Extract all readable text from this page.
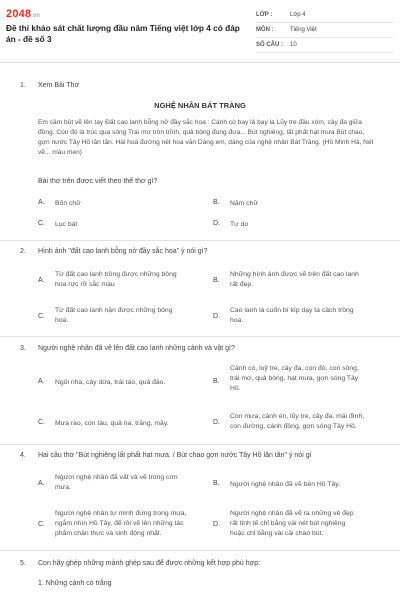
2048.vn
Đề thi khảo sát chất lượng đầu năm Tiếng việt lớp 4 có đáp án - đề số 3
LỚP :	Lớp 4
MÔN :	Tiếng Việt
SỐ CÂU :	10
1. Xem Bài Thơ
NGHỆ NHÂN BÁT TRÀNG
Em cầm bút vẽ lên tay Đất cao lanh bỗng nở đầy sắc hoa : Cánh cò bay lả bay la Lũy tre đầu xóm, cây đa giữa đồng. Con đò lá trúc qua sông Trái mơ tròn trĩnh, quả bòng đung đưa... Bút nghiêng, lất phất hạt mưa Bút chao, gợn nước Tây Hồ lăn tăn. Hài hoà đường nét hoa văn Dáng em, dáng của nghệ nhân Bát Tràng. (Hồ Minh Hà, Nét vẽ... màu men)
Bài thơ trên được viết theo thể thơ gì?
A. Bốn chữ	B. Năm chữ
C. Lục bát	D. Tự do
2. Hình ảnh "đất cao lanh bỗng nở đầy sắc hoa" ý nói gì?
A.
Từ đất cao lanh trồng được những bông
hoa rực rỡ sắc màu
B.
Những hình ảnh được vẽ trên đất cao lanh
rất đẹp.
C.
Từ đất cao lanh nặn được những bông
hoa.
D.
Cao lanh là cuốn bí kíp dạy ta cách trồng
hoa.
3. Người nghệ nhân đã vẽ lên đất cao lanh những cảnh và vật gì?
A. Ngôi nhà, cây dừa, trái táo, quả đào.	B.
Cánh cò, luỹ tre, cây đa, con đò, con sông,
trái mơ, quả bòng, hạt mưa, gợn sóng Tây
Hồ.
C. Mưa rào, con tàu, quả na, trăng, mây.	D.
Con mưa, cánh én, lũy tre, cây đa, mái đình,
con đường, cánh đồng, gợn sóng Tây Hồ.
4. Hai câu thơ "Bút nghiêng lất phất hạt mưa. / Bút chao gợn nước Tây Hồ lăn tăn" ý nói gì
A.
Người nghệ nhân đã vất vả vẽ trong cơn
mưa.
B. Người nghệ nhân đã vẽ bên Hồ Tây.
C.
Người nghệ nhân tự mình đứng trong mưa,
ngắm nhìn Hồ Tây, để rồi vẽ lên những tác
phẩm chân thực và sinh động nhất.
D.
Người nghệ nhân đã vẽ ra những vẻ đẹp
rất tinh tế chỉ bằng vài nét bút nghiêng
hoặc chỉ bằng vài cái chao bút.
5. Con hãy ghép những mảnh ghép sau để được những kết hợp phù hợp:
1. Những cánh cò trắng
